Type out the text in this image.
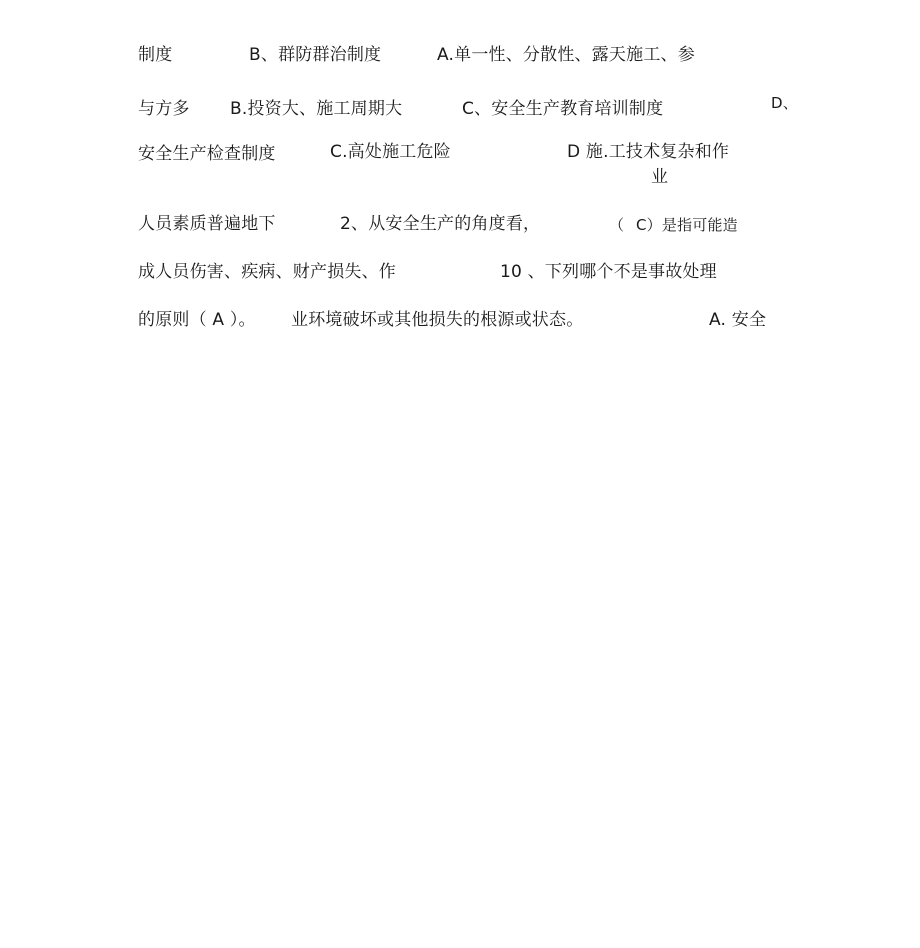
制度	B、群防群治制度	A.单一性、分散性、露天施工、参
与方多 B.投资大、施工周期大	C、安全生产教育培训制度	D、
安全生产检查制度	C.高处施工危险	D 施.工技术复杂和作
业
人员素质普遍地下	2、从安全生产的角度看，	（ C）是指可能造
成人员伤害、疾病、财产损失、作	10 、下列哪个不是事故处理
的原则（ A ）。 业环境破坏或其他损失的根源或状态。	A. 安全
